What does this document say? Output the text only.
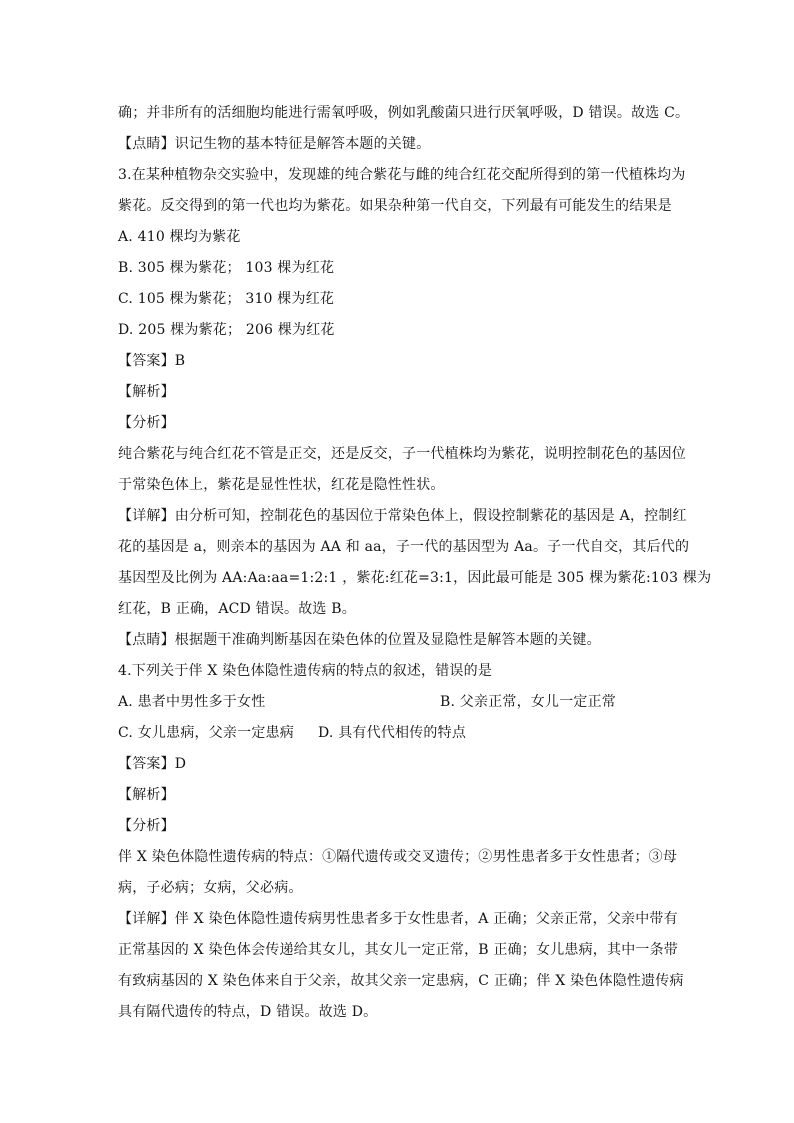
确；并非所有的活细胞均能进行需氧呼吸，例如乳酸菌只进行厌氧呼吸，D 错误。故选 C。
【点睛】识记生物的基本特征是解答本题的关键。
3.在某种植物杂交实验中，发现雄的纯合紫花与雌的纯合红花交配所得到的第一代植株均为
紫花。反交得到的第一代也均为紫花。如果杂种第一代自交，下列最有可能发生的结果是
A. 410 棵均为紫花
B. 305 棵为紫花； 103 棵为红花
C. 105 棵为紫花； 310 棵为红花
D. 205 棵为紫花； 206 棵为红花
【答案】B
【解析】
【分析】
纯合紫花与纯合红花不管是正交，还是反交，子一代植株均为紫花，说明控制花色的基因位
于常染色体上，紫花是显性性状，红花是隐性性状。
【详解】由分析可知，控制花色的基因位于常染色体上，假设控制紫花的基因是 A，控制红
花的基因是 a，则亲本的基因为 AA 和 aa，子一代的基因型为 Aa。子一代自交，其后代的
基因型及比例为 AA:Aa:aa=1:2:1 ，紫花:红花=3:1，因此最可能是 305 棵为紫花:103 棵为
红花，B 正确，ACD 错误。故选 B。
【点睛】根据题干准确判断基因在染色体的位置及显隐性是解答本题的关键。
4.下列关于伴 X 染色体隐性遗传病的特点的叙述，错误的是
A. 患者中男性多于女性	B. 父亲正常，女儿一定正常
C. 女儿患病，父亲一定患病 D. 具有代代相传的特点
【答案】D
【解析】
【分析】
伴 X 染色体隐性遗传病的特点：①隔代遗传或交叉遗传；②男性患者多于女性患者；③母
病，子必病；女病，父必病。
【详解】伴 X 染色体隐性遗传病男性患者多于女性患者，A 正确；父亲正常，父亲中带有
正常基因的 X 染色体会传递给其女儿，其女儿一定正常，B 正确；女儿患病，其中一条带
有致病基因的 X 染色体来自于父亲，故其父亲一定患病，C 正确；伴 X 染色体隐性遗传病
具有隔代遗传的特点，D 错误。故选 D。
